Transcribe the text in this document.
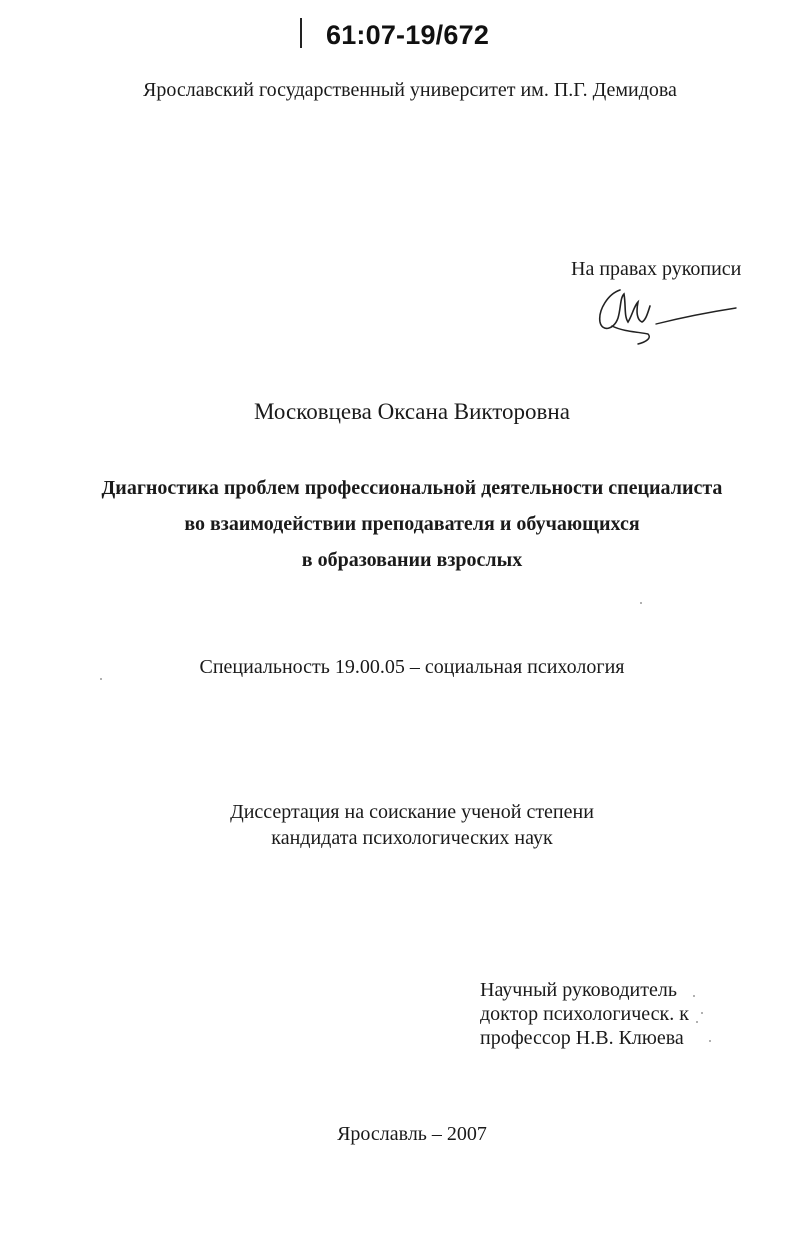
61:07-19/672
Ярославский государственный университет им. П.Г. Демидова
На правах рукописи
Московцева Оксана Викторовна
Диагностика проблем профессиональной деятельности специалиста
во взаимодействии преподавателя и обучающихся
в образовании взрослых
Специальность 19.00.05 – социальная психология
Диссертация на соискание ученой степени
кандидата психологических наук
Научный руководитель
доктор психологическ. к
профессор Н.В. Клюева
Ярославль – 2007
